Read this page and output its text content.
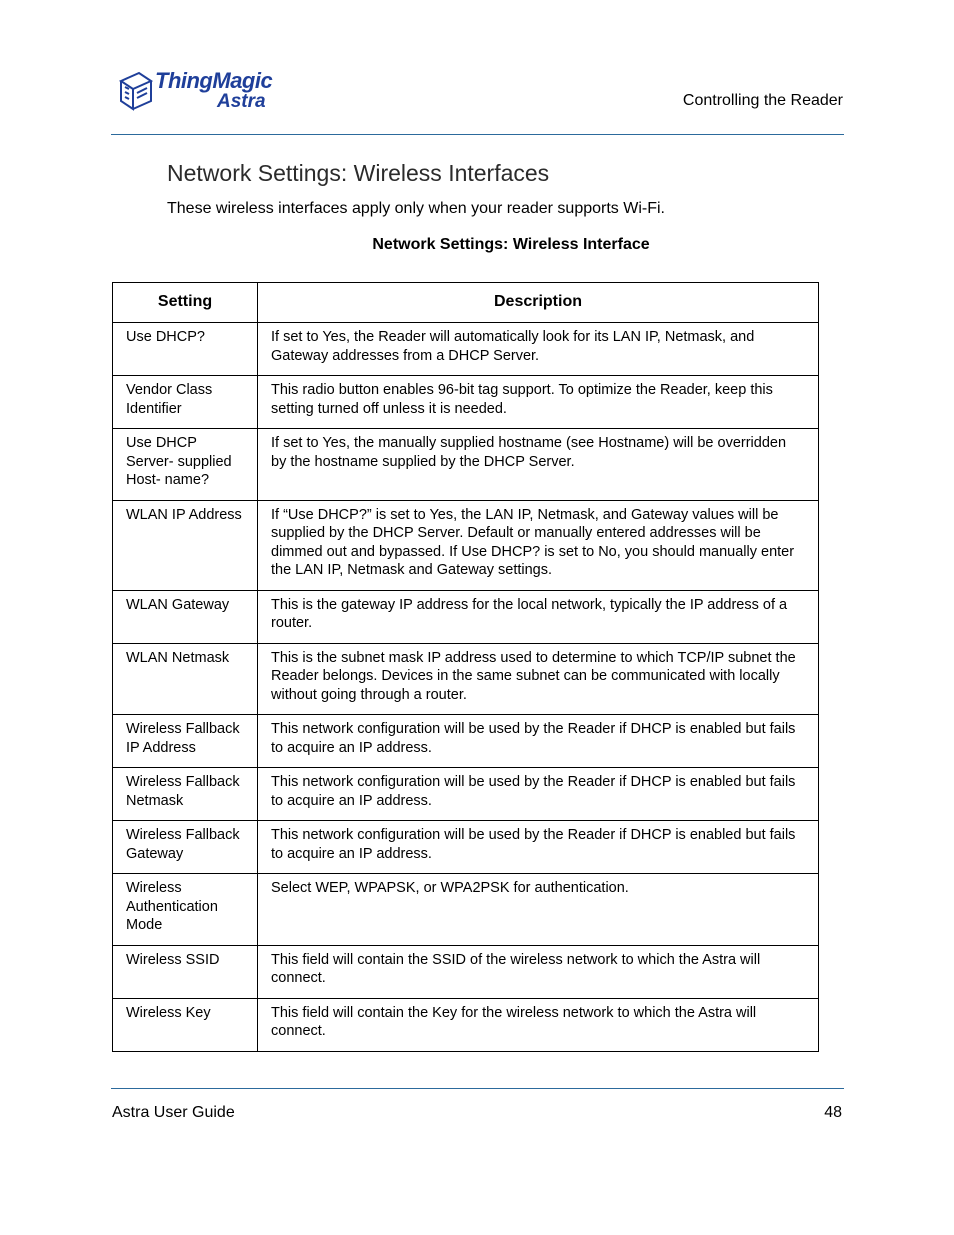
ThingMagic
Astra	Controlling the Reader
Network Settings: Wireless Interfaces
These wireless interfaces apply only when your reader supports Wi-Fi.
Network Settings: Wireless Interface
Setting	Description
Use DHCP?	If set to Yes, the Reader will automatically look for its LAN IP, Netmask, and Gateway addresses from a DHCP Server.
Vendor Class Identifier	This radio button enables 96-bit tag support. To optimize the Reader, keep this setting turned off unless it is needed.
Use DHCP Server- supplied Host- name?	If set to Yes, the manually supplied hostname (see Hostname) will be overridden by the hostname supplied by the DHCP Server.
WLAN IP Address	If “Use DHCP?” is set to Yes, the LAN IP, Netmask, and Gateway values will be supplied by the DHCP Server. Default or manually entered addresses will be dimmed out and bypassed. If Use DHCP? is set to No, you should manually enter the LAN IP, Netmask and Gateway settings.
WLAN Gateway	This is the gateway IP address for the local network, typically the IP address of a router.
WLAN Netmask	This is the subnet mask IP address used to determine to which TCP/IP subnet the Reader belongs. Devices in the same subnet can be communicated with locally without going through a router.
Wireless Fallback IP Address	This network configuration will be used by the Reader if DHCP is enabled but fails to acquire an IP address.
Wireless Fallback Netmask	This network configuration will be used by the Reader if DHCP is enabled but fails to acquire an IP address.
Wireless Fallback Gateway	This network configuration will be used by the Reader if DHCP is enabled but fails to acquire an IP address.
Wireless Authentication Mode	Select WEP, WPAPSK, or WPA2PSK for authentication.
Wireless SSID	This field will contain the SSID of the wireless network to which the Astra will connect.
Wireless Key	This field will contain the Key for the wireless network to which the Astra will connect.
Astra User Guide	48
